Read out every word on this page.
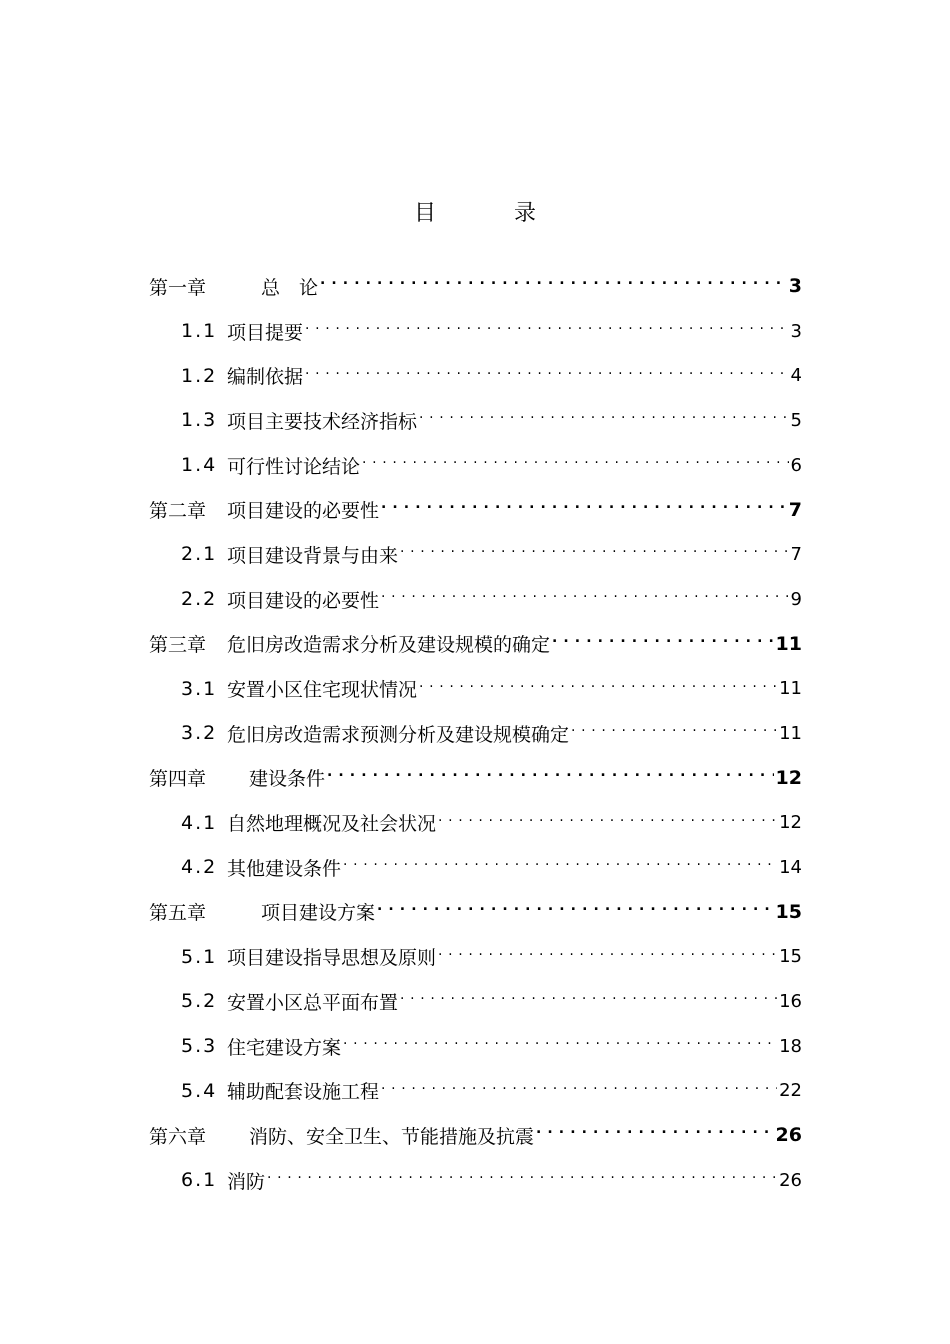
目	录
第一章	总　论 . . .	3
1.1 项目提要 . . .	3
1.2 编制依据 . . .	4
1.3 项目主要技术经济指标 . . .	5
1.4 可行性讨论结论 . . .	6
第二章	项目建设的必要性 . . .	7
2.1 项目建设背景与由来 . . .	7
2.2 项目建设的必要性 . . .	9
第三章	危旧房改造需求分析及建设规模的确定 . . .	11
3.1 安置小区住宅现状情况 . . .	11
3.2 危旧房改造需求预测分析及建设规模确定 . . .	11
第四章	建设条件 . . .	12
4.1 自然地理概况及社会状况 . . .	12
4.2 其他建设条件 . . .	14
第五章	项目建设方案 . . .	15
5.1 项目建设指导思想及原则 . . .	15
5.2 安置小区总平面布置 . . .	16
5.3 住宅建设方案 . . .	18
5.4 辅助配套设施工程 . . .	22
第六章	消防、安全卫生、节能措施及抗震 . . .	26
6.1 消防 . . .	26
